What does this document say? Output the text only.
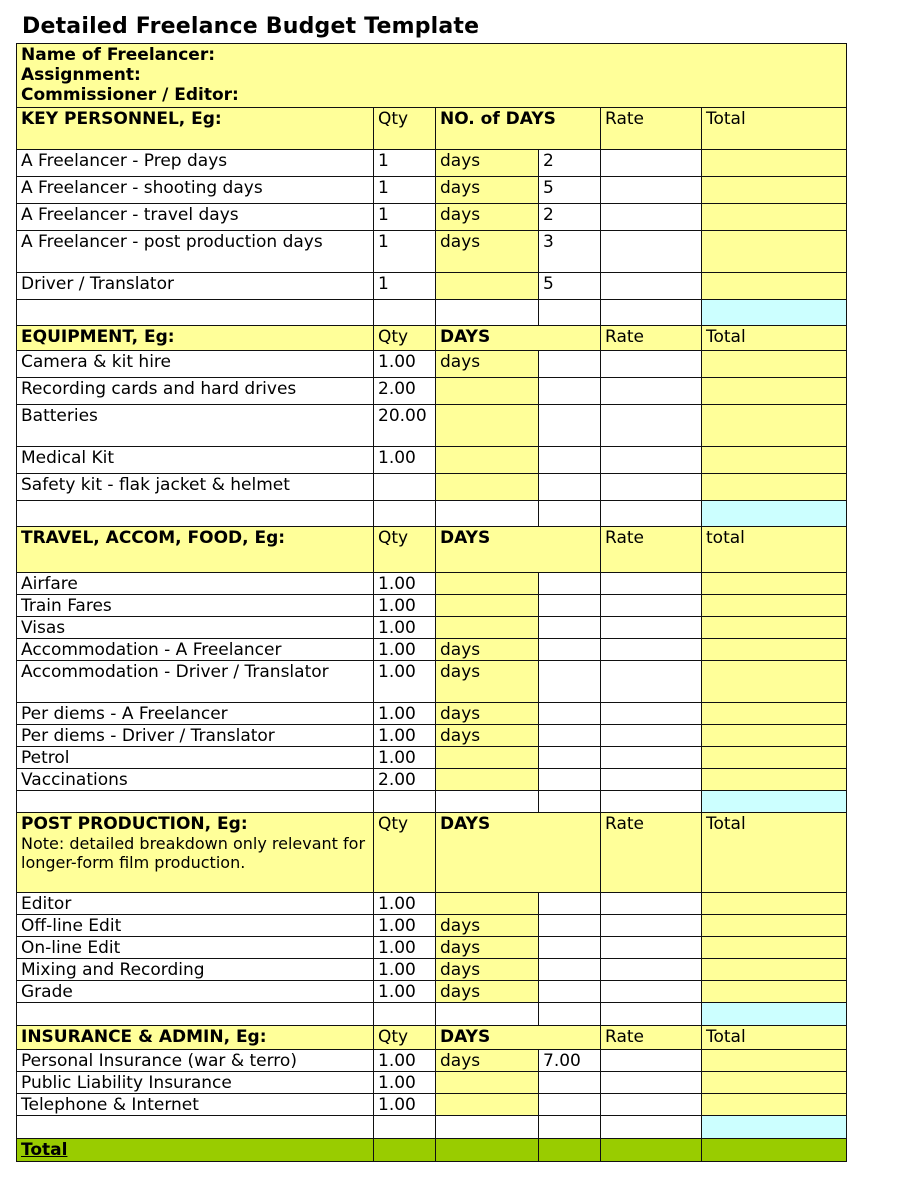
Detailed Freelance Budget Template
Name of Freelancer:
Assignment:
Commissioner / Editor:					

KEY PERSONNEL, Eg:	Qty	NO. of DAYS		Rate	Total
A Freelancer - Prep days	1	days	2		
A Freelancer - shooting days	1	days	5		
A Freelancer - travel days	1	days	2		
A Freelancer - post production days	1	days	3		
Driver / Translator	1		5		

EQUIPMENT, Eg:	Qty	DAYS		Rate	Total
Camera & kit hire	1.00	days			
Recording cards and hard drives	2.00				
Batteries	20.00				
Medical Kit	1.00				
Safety kit - flak jacket & helmet					

TRAVEL, ACCOM, FOOD, Eg:	Qty	DAYS		Rate	total
Airfare	1.00				
Train Fares	1.00				
Visas	1.00				
Accommodation - A Freelancer	1.00	days			
Accommodation - Driver / Translator	1.00	days			
Per diems - A Freelancer	1.00	days			
Per diems - Driver / Translator	1.00	days			
Petrol	1.00				
Vaccinations	2.00				

POST PRODUCTION, Eg:
Note: detailed breakdown only relevant for longer-form film production.	Qty	DAYS		Rate	Total
Editor	1.00				
Off-line Edit	1.00	days			
On-line Edit	1.00	days			
Mixing and Recording	1.00	days			
Grade	1.00	days			

INSURANCE & ADMIN, Eg:	Qty	DAYS		Rate	Total
Personal Insurance (war & terro)	1.00	days	7.00		
Public Liability Insurance	1.00				
Telephone & Internet	1.00				

Total					
